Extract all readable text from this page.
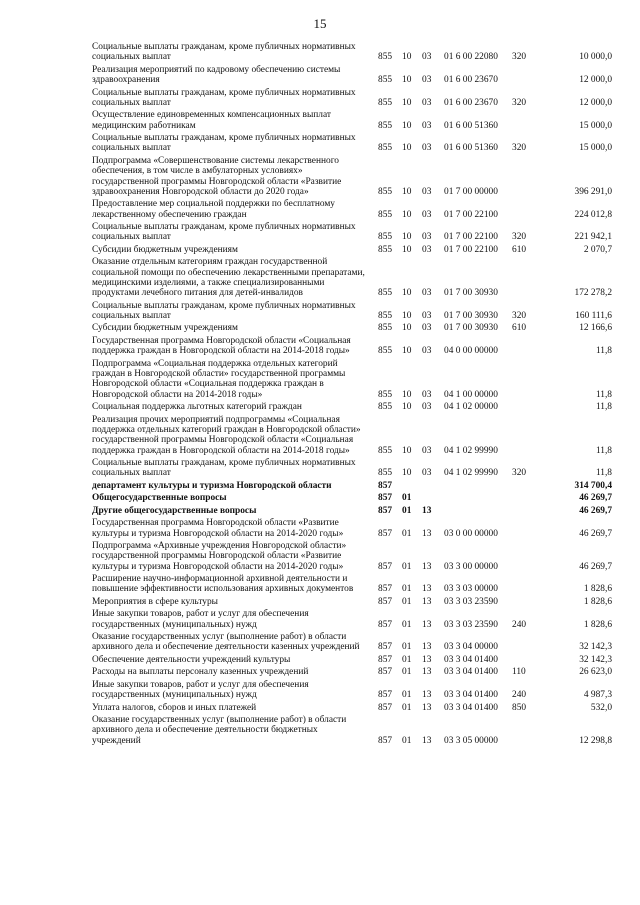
15
Социальные выплаты гражданам, кроме публичных нормативных социальных выплат	855	10	03	01 6 00 22080	320	10 000,0
Реализация мероприятий по кадровому обеспечению системы здравоохранения	855	10	03	01 6 00 23670		12 000,0
Социальные выплаты гражданам, кроме публичных нормативных социальных выплат	855	10	03	01 6 00 23670	320	12 000,0
Осуществление единовременных компенсационных выплат медицинским работникам	855	10	03	01 6 00 51360		15 000,0
Социальные выплаты гражданам, кроме публичных нормативных социальных выплат	855	10	03	01 6 00 51360	320	15 000,0
Подпрограмма «Совершенствование системы лекарственного обеспечения, в том числе в амбулаторных условиях» государственной программы Новгородской области «Развитие здравоохранения Новгородской области до 2020 года»	855	10	03	01 7 00 00000		396 291,0
Предоставление мер социальной поддержки по бесплатному лекарственному обеспечению граждан	855	10	03	01 7 00 22100		224 012,8
Социальные выплаты гражданам, кроме публичных нормативных социальных выплат	855	10	03	01 7 00 22100	320	221 942,1
Субсидии бюджетным учреждениям	855	10	03	01 7 00 22100	610	2 070,7
Оказание отдельным категориям граждан государственной социальной помощи по обеспечению лекарственными препаратами, медицинскими изделиями, а также специализированными продуктами лечебного питания для детей-инвалидов	855	10	03	01 7 00 30930		172 278,2
Социальные выплаты гражданам, кроме публичных нормативных социальных выплат	855	10	03	01 7 00 30930	320	160 111,6
Субсидии бюджетным учреждениям	855	10	03	01 7 00 30930	610	12 166,6
Государственная программа Новгородской области «Социальная поддержка граждан в Новгородской области на 2014-2018 годы»	855	10	03	04 0 00 00000		11,8
Подпрограмма «Социальная поддержка отдельных категорий граждан в Новгородской области» государственной программы Новгородской области «Социальная поддержка граждан в Новгородской области на 2014-2018 годы»	855	10	03	04 1 00 00000		11,8
Социальная поддержка льготных категорий граждан	855	10	03	04 1 02 00000		11,8
Реализация прочих мероприятий подпрограммы «Социальная поддержка отдельных категорий граждан в Новгородской области» государственной программы Новгородской области «Социальная поддержка граждан в Новгородской области на 2014-2018 годы»	855	10	03	04 1 02 99990		11,8
Социальные выплаты гражданам, кроме публичных нормативных социальных выплат	855	10	03	04 1 02 99990	320	11,8
департамент культуры и туризма Новгородской области	857					314 700,4
Общегосударственные вопросы	857	01				46 269,7
Другие общегосударственные вопросы	857	01	13			46 269,7
Государственная программа Новгородской области «Развитие культуры и туризма Новгородской области на 2014-2020 годы»	857	01	13	03 0 00 00000		46 269,7
Подпрограмма «Архивные учреждения Новгородской области» государственной программы Новгородской области «Развитие культуры и туризма Новгородской области на 2014-2020 годы»	857	01	13	03 3 00 00000		46 269,7
Расширение научно-информационной архивной деятельности и повышение эффективности использования архивных документов	857	01	13	03 3 03 00000		1 828,6
Мероприятия в сфере культуры	857	01	13	03 3 03 23590		1 828,6
Иные закупки товаров, работ и услуг для обеспечения государственных (муниципальных) нужд	857	01	13	03 3 03 23590	240	1 828,6
Оказание государственных услуг (выполнение работ) в области архивного дела и обеспечение деятельности казенных учреждений	857	01	13	03 3 04 00000		32 142,3
Обеспечение деятельности учреждений культуры	857	01	13	03 3 04 01400		32 142,3
Расходы на выплаты персоналу казенных учреждений	857	01	13	03 3 04 01400	110	26 623,0
Иные закупки товаров, работ и услуг для обеспечения государственных (муниципальных) нужд	857	01	13	03 3 04 01400	240	4 987,3
Уплата налогов, сборов и иных платежей	857	01	13	03 3 04 01400	850	532,0
Оказание государственных услуг (выполнение работ) в области архивного дела и обеспечение деятельности бюджетных учреждений	857	01	13	03 3 05 00000		12 298,8
